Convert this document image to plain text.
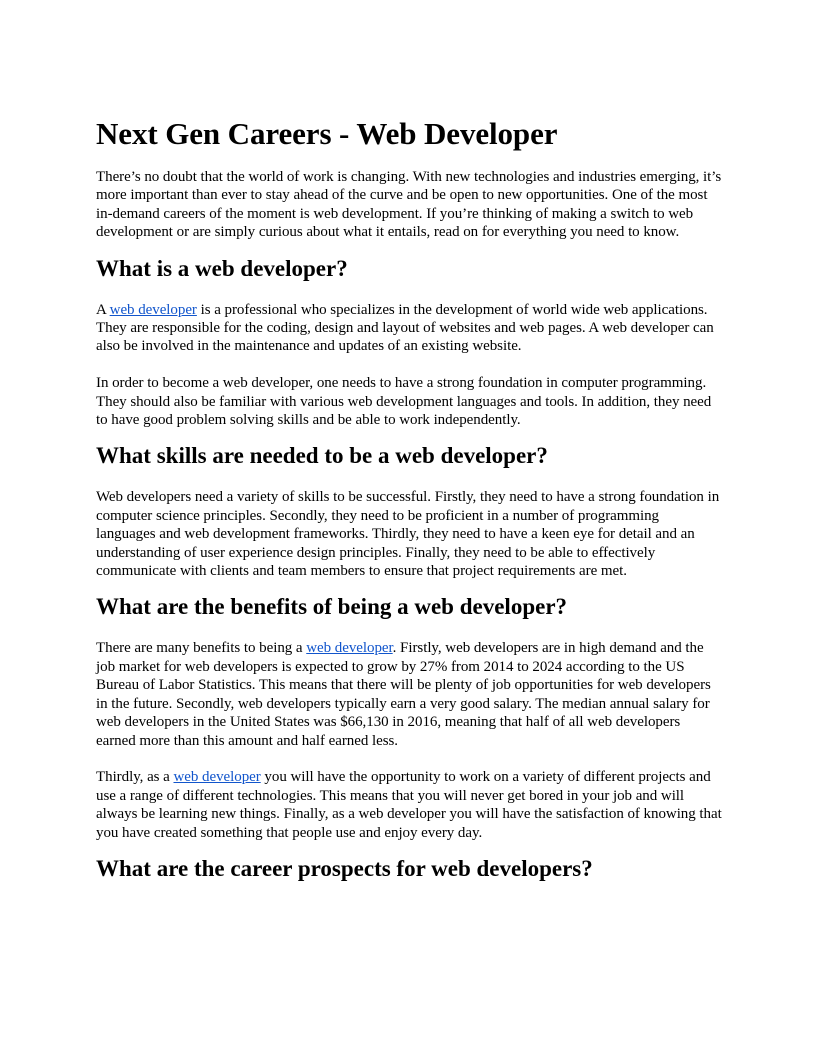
Next Gen Careers - Web Developer

There’s no doubt that the world of work is changing. With new technologies and industries emerging, it’s more important than ever to stay ahead of the curve and be open to new opportunities. One of the most in-demand careers of the moment is web development. If you’re thinking of making a switch to web development or are simply curious about what it entails, read on for everything you need to know.

What is a web developer?

A web developer is a professional who specializes in the development of world wide web applications. They are responsible for the coding, design and layout of websites and web pages. A web developer can also be involved in the maintenance and updates of an existing website.

In order to become a web developer, one needs to have a strong foundation in computer programming. They should also be familiar with various web development languages and tools. In addition, they need to have good problem solving skills and be able to work independently.

What skills are needed to be a web developer?

Web developers need a variety of skills to be successful. Firstly, they need to have a strong foundation in computer science principles. Secondly, they need to be proficient in a number of programming languages and web development frameworks. Thirdly, they need to have a keen eye for detail and an understanding of user experience design principles. Finally, they need to be able to effectively communicate with clients and team members to ensure that project requirements are met.

What are the benefits of being a web developer?

There are many benefits to being a web developer. Firstly, web developers are in high demand and the job market for web developers is expected to grow by 27% from 2014 to 2024 according to the US Bureau of Labor Statistics. This means that there will be plenty of job opportunities for web developers in the future. Secondly, web developers typically earn a very good salary. The median annual salary for web developers in the United States was $66,130 in 2016, meaning that half of all web developers earned more than this amount and half earned less.

Thirdly, as a web developer you will have the opportunity to work on a variety of different projects and use a range of different technologies. This means that you will never get bored in your job and will always be learning new things. Finally, as a web developer you will have the satisfaction of knowing that you have created something that people use and enjoy every day.

What are the career prospects for web developers?
